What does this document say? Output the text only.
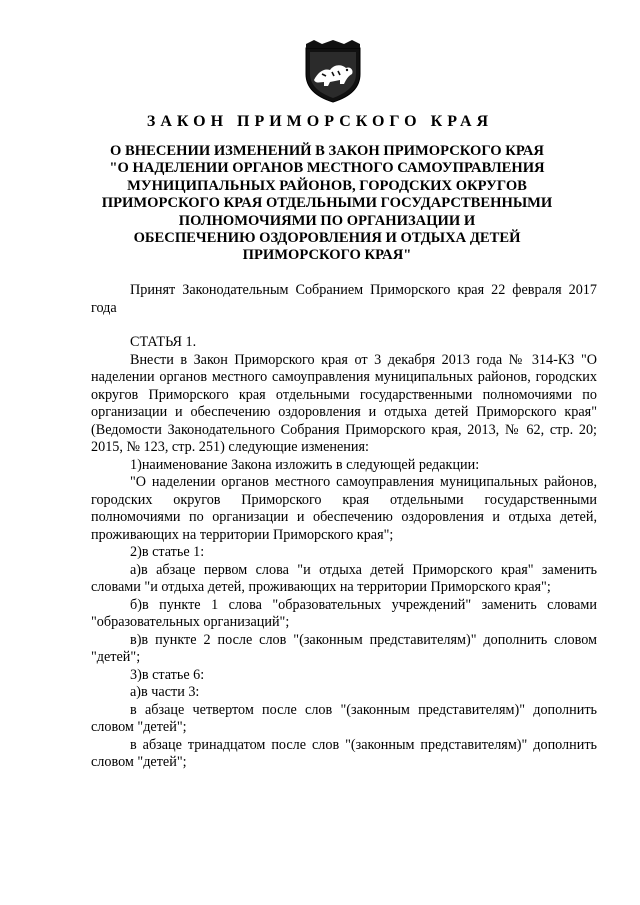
ЗАКОН ПРИМОРСКОГО КРАЯ
О ВНЕСЕНИИ ИЗМЕНЕНИЙ В ЗАКОН ПРИМОРСКОГО КРАЯ
"О НАДЕЛЕНИИ ОРГАНОВ МЕСТНОГО САМОУПРАВЛЕНИЯ
МУНИЦИПАЛЬНЫХ РАЙОНОВ, ГОРОДСКИХ ОКРУГОВ
ПРИМОРСКОГО КРАЯ ОТДЕЛЬНЫМИ ГОСУДАРСТВЕННЫМИ
ПОЛНОМОЧИЯМИ ПО ОРГАНИЗАЦИИ И
ОБЕСПЕЧЕНИЮ ОЗДОРОВЛЕНИЯ И ОТДЫХА ДЕТЕЙ
ПРИМОРСКОГО КРАЯ"

Принят Законодательным Собранием Приморского края 22 февраля 2017 года

СТАТЬЯ 1.

Внести в Закон Приморского края от 3 декабря 2013 года № 314-КЗ "О наделении органов местного самоуправления муниципальных районов, городских округов Приморского края отдельными государственными полномочиями по организации и обеспечению оздоровления и отдыха детей Приморского края" (Ведомости Законодательного Собрания Приморского края, 2013, № 62, стр. 20; 2015, № 123, стр. 251) следующие изменения:

1)наименование Закона изложить в следующей редакции:

"О наделении органов местного самоуправления муниципальных районов, городских округов Приморского края отдельными государственными полномочиями по организации и обеспечению оздоровления и отдыха детей, проживающих на территории Приморского края";

2)в статье 1:

а)в абзаце первом слова "и отдыха детей Приморского края" заменить словами "и отдыха детей, проживающих на территории Приморского края";

б)в пункте 1 слова "образовательных учреждений" заменить словами "образовательных организаций";

в)в пункте 2 после слов "(законным представителям)" дополнить словом "детей";

3)в статье 6:

а)в части 3:

в абзаце четвертом после слов "(законным представителям)" дополнить словом "детей";

в абзаце тринадцатом после слов "(законным представителям)" дополнить словом "детей";
